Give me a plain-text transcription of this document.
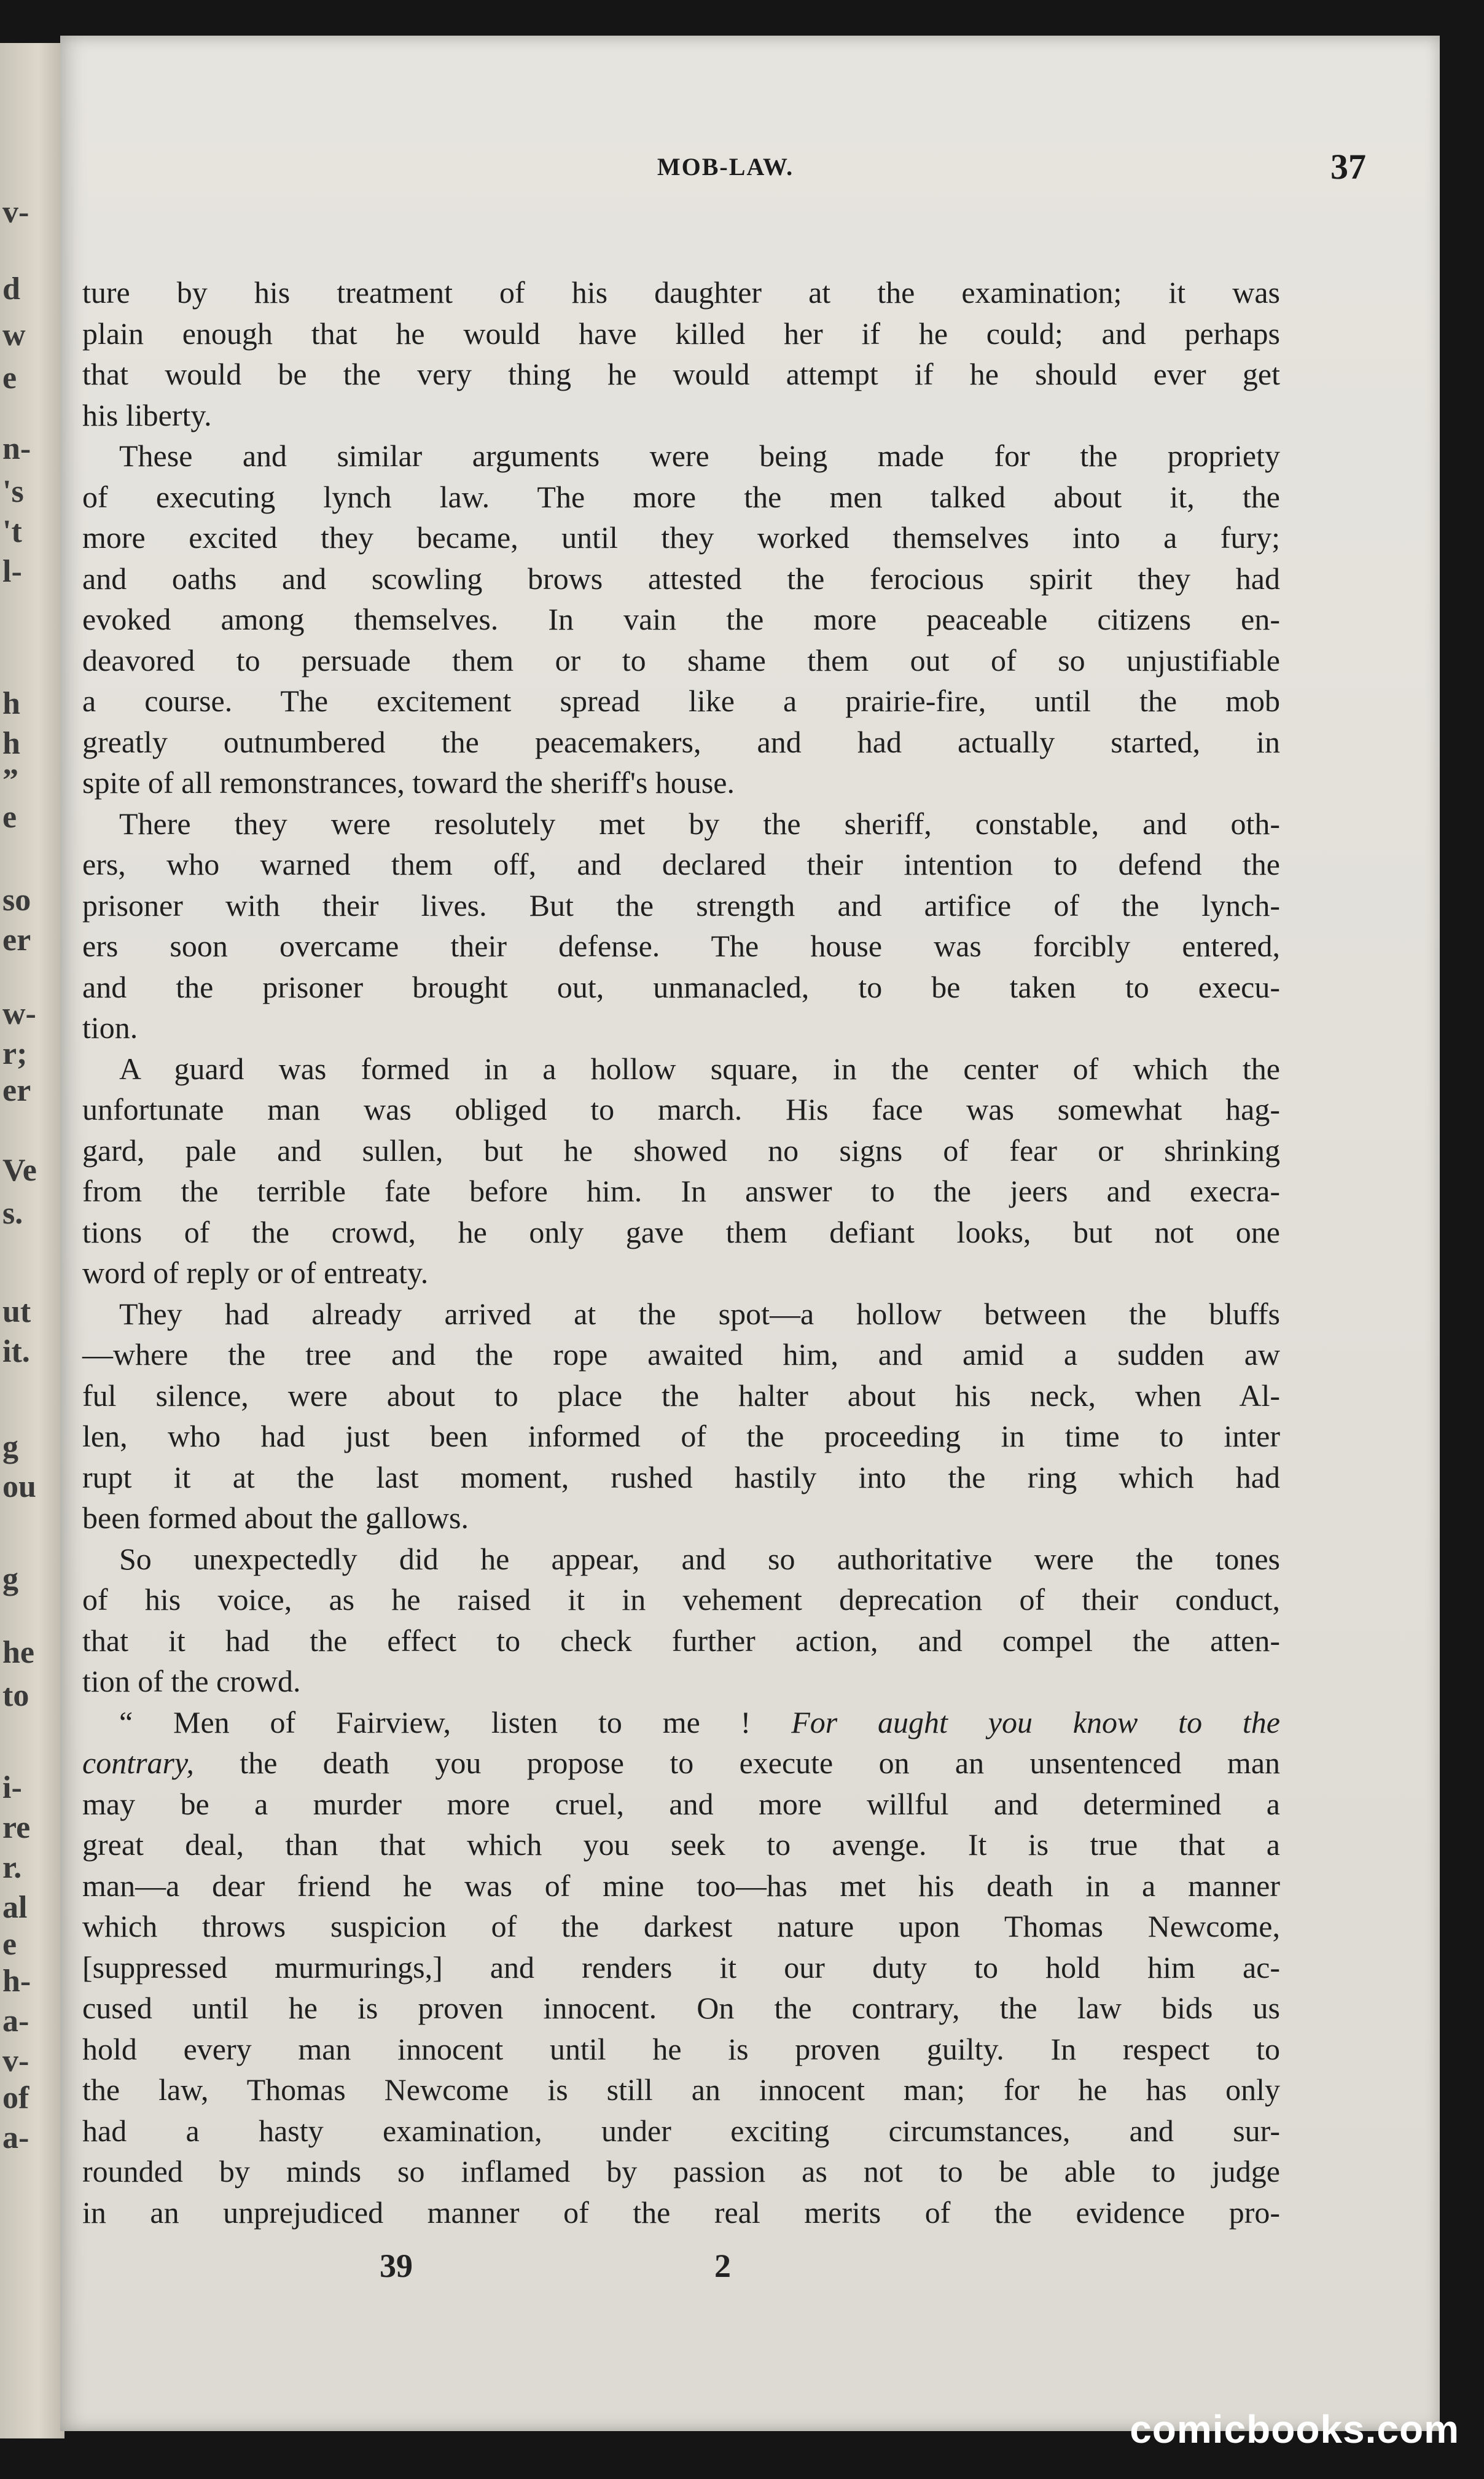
v-
d
w
e
n-
's
't
l-
h
h
”
e
so
er
w-
r;
er
Ve
s.
ut
it.
g
ou
g
he
to
i-
re
r.
al
e
h-
a-
v-
of
a-
MOB-LAW.	37
ture by his treatment of his daughter at the examination; it was
plain enough that he would have killed her if he could; and perhaps
that would be the very thing he would attempt if he should ever get
his liberty.
These and similar arguments were being made for the propriety
of executing lynch law. The more the men talked about it, the
more excited they became, until they worked themselves into a fury;
and oaths and scowling brows attested the ferocious spirit they had
evoked among themselves. In vain the more peaceable citizens en-
deavored to persuade them or to shame them out of so unjustifiable
a course. The excitement spread like a prairie-fire, until the mob
greatly outnumbered the peacemakers, and had actually started, in
spite of all remonstrances, toward the sheriff's house.
There they were resolutely met by the sheriff, constable, and oth-
ers, who warned them off, and declared their intention to defend the
prisoner with their lives. But the strength and artifice of the lynch-
ers soon overcame their defense. The house was forcibly entered,
and the prisoner brought out, unmanacled, to be taken to execu-
tion.
A guard was formed in a hollow square, in the center of which the
unfortunate man was obliged to march. His face was somewhat hag-
gard, pale and sullen, but he showed no signs of fear or shrinking
from the terrible fate before him. In answer to the jeers and execra-
tions of the crowd, he only gave them defiant looks, but not one
word of reply or of entreaty.
They had already arrived at the spot—a hollow between the bluffs
—where the tree and the rope awaited him, and amid a sudden aw
ful silence, were about to place the halter about his neck, when Al-
len, who had just been informed of the proceeding in time to inter
rupt it at the last moment, rushed hastily into the ring which had
been formed about the gallows.
So unexpectedly did he appear, and so authoritative were the tones
of his voice, as he raised it in vehement deprecation of their conduct,
that it had the effect to check further action, and compel the atten-
tion of the crowd.
“ Men of Fairview, listen to me ! For aught you know to the
contrary, the death you propose to execute on an unsentenced man
may be a murder more cruel, and more willful and determined a
great deal, than that which you seek to avenge. It is true that a
man—a dear friend he was of mine too—has met his death in a manner
which throws suspicion of the darkest nature upon Thomas Newcome,
[suppressed murmurings,] and renders it our duty to hold him ac-
cused until he is proven innocent. On the contrary, the law bids us
hold every man innocent until he is proven guilty. In respect to
the law, Thomas Newcome is still an innocent man; for he has only
had a hasty examination, under exciting circumstances, and sur-
rounded by minds so inflamed by passion as not to be able to judge
in an unprejudiced manner of the real merits of the evidence pro-
39	2
comicbooks.com
